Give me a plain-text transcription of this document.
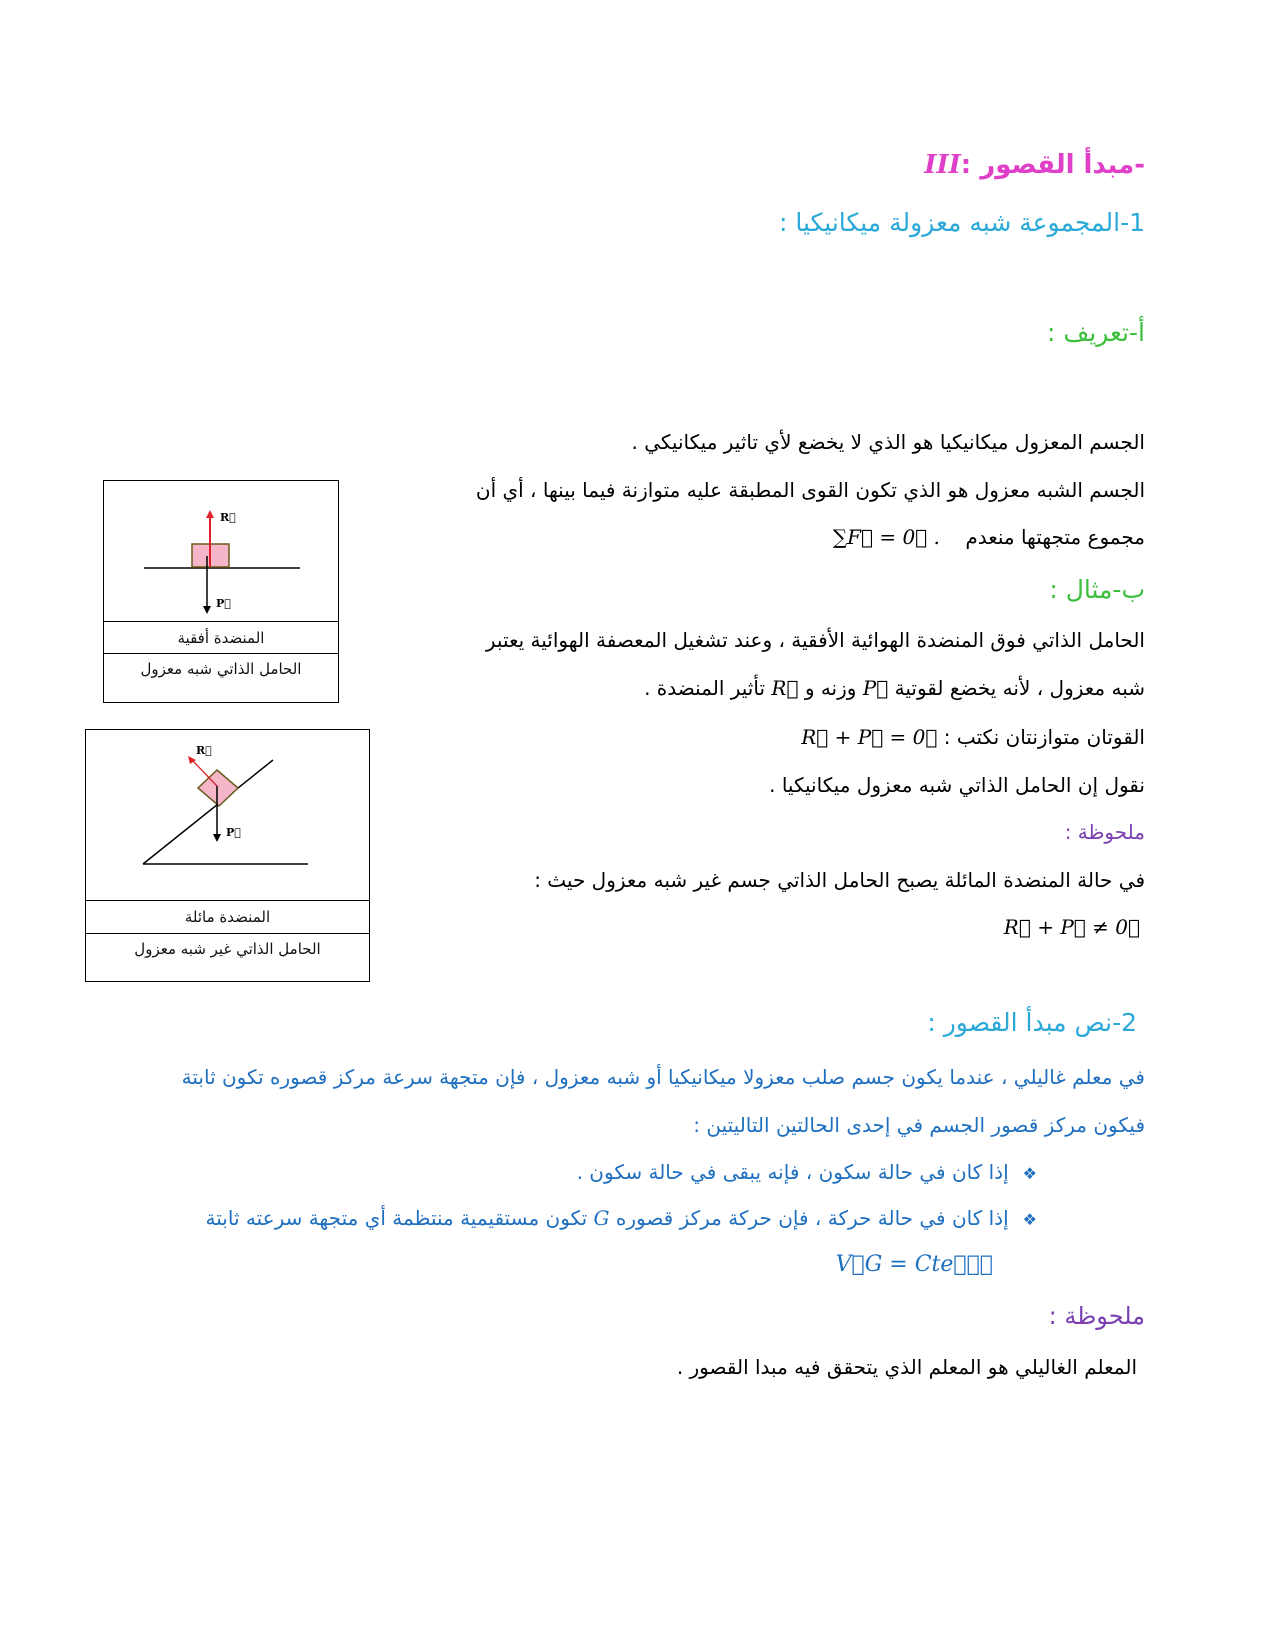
-مبدأ القصور :III
1-المجموعة شبه معزولة ميكانيكيا :
أ-تعريف :
الجسم المعزول ميكانيكيا هو الذي لا يخضع لأي تاثير ميكانيكي .
الجسم الشبه معزول هو الذي تكون القوى المطبقة عليه متوازنة فيما بينها ، أي أن
مجموع متجهتها منعدم    ∑F⃗ = 0⃗ .
ب-مثال :
الحامل الذاتي فوق المنضدة الهوائية الأفقية ، وعند تشغيل المعصفة الهوائية يعتبر
شبه معزول ، لأنه يخضع لقوتية P⃗ وزنه و R⃗ تأثير المنضدة .
القوتان متوازنتان نكتب : R⃗ + P⃗ = 0⃗
نقول إن الحامل الذاتي شبه معزول ميكانيكيا .
ملحوظة :
في حالة المنضدة المائلة يصبح الحامل الذاتي جسم غير شبه معزول حيث :
R⃗ + P⃗ ≠ 0⃗
R⃗
P⃗
المنضدة أفقية
الحامل الذاتي شبه معزول
R⃗
P⃗
المنضدة مائلة
الحامل الذاتي غير شبه معزول
2-نص مبدأ القصور :
في معلم غاليلي ، عندما يكون جسم صلب معزولا ميكانيكيا أو شبه معزول ، فإن متجهة سرعة مركز قصوره تكون ثابتة
فيكون مركز قصور الجسم في إحدى الحالتين التاليتين :
❖إذا كان في حالة سكون ، فإنه يبقى في حالة سكون .
❖إذا كان في حالة حركة ، فإن حركة مركز قصوره G تكون مستقيمية منتظمة أي متجهة سرعته ثابتة
V⃗G = Cte⃗⃗⃗
ملحوظة :
المعلم الغاليلي هو المعلم الذي يتحقق فيه مبدا القصور .
